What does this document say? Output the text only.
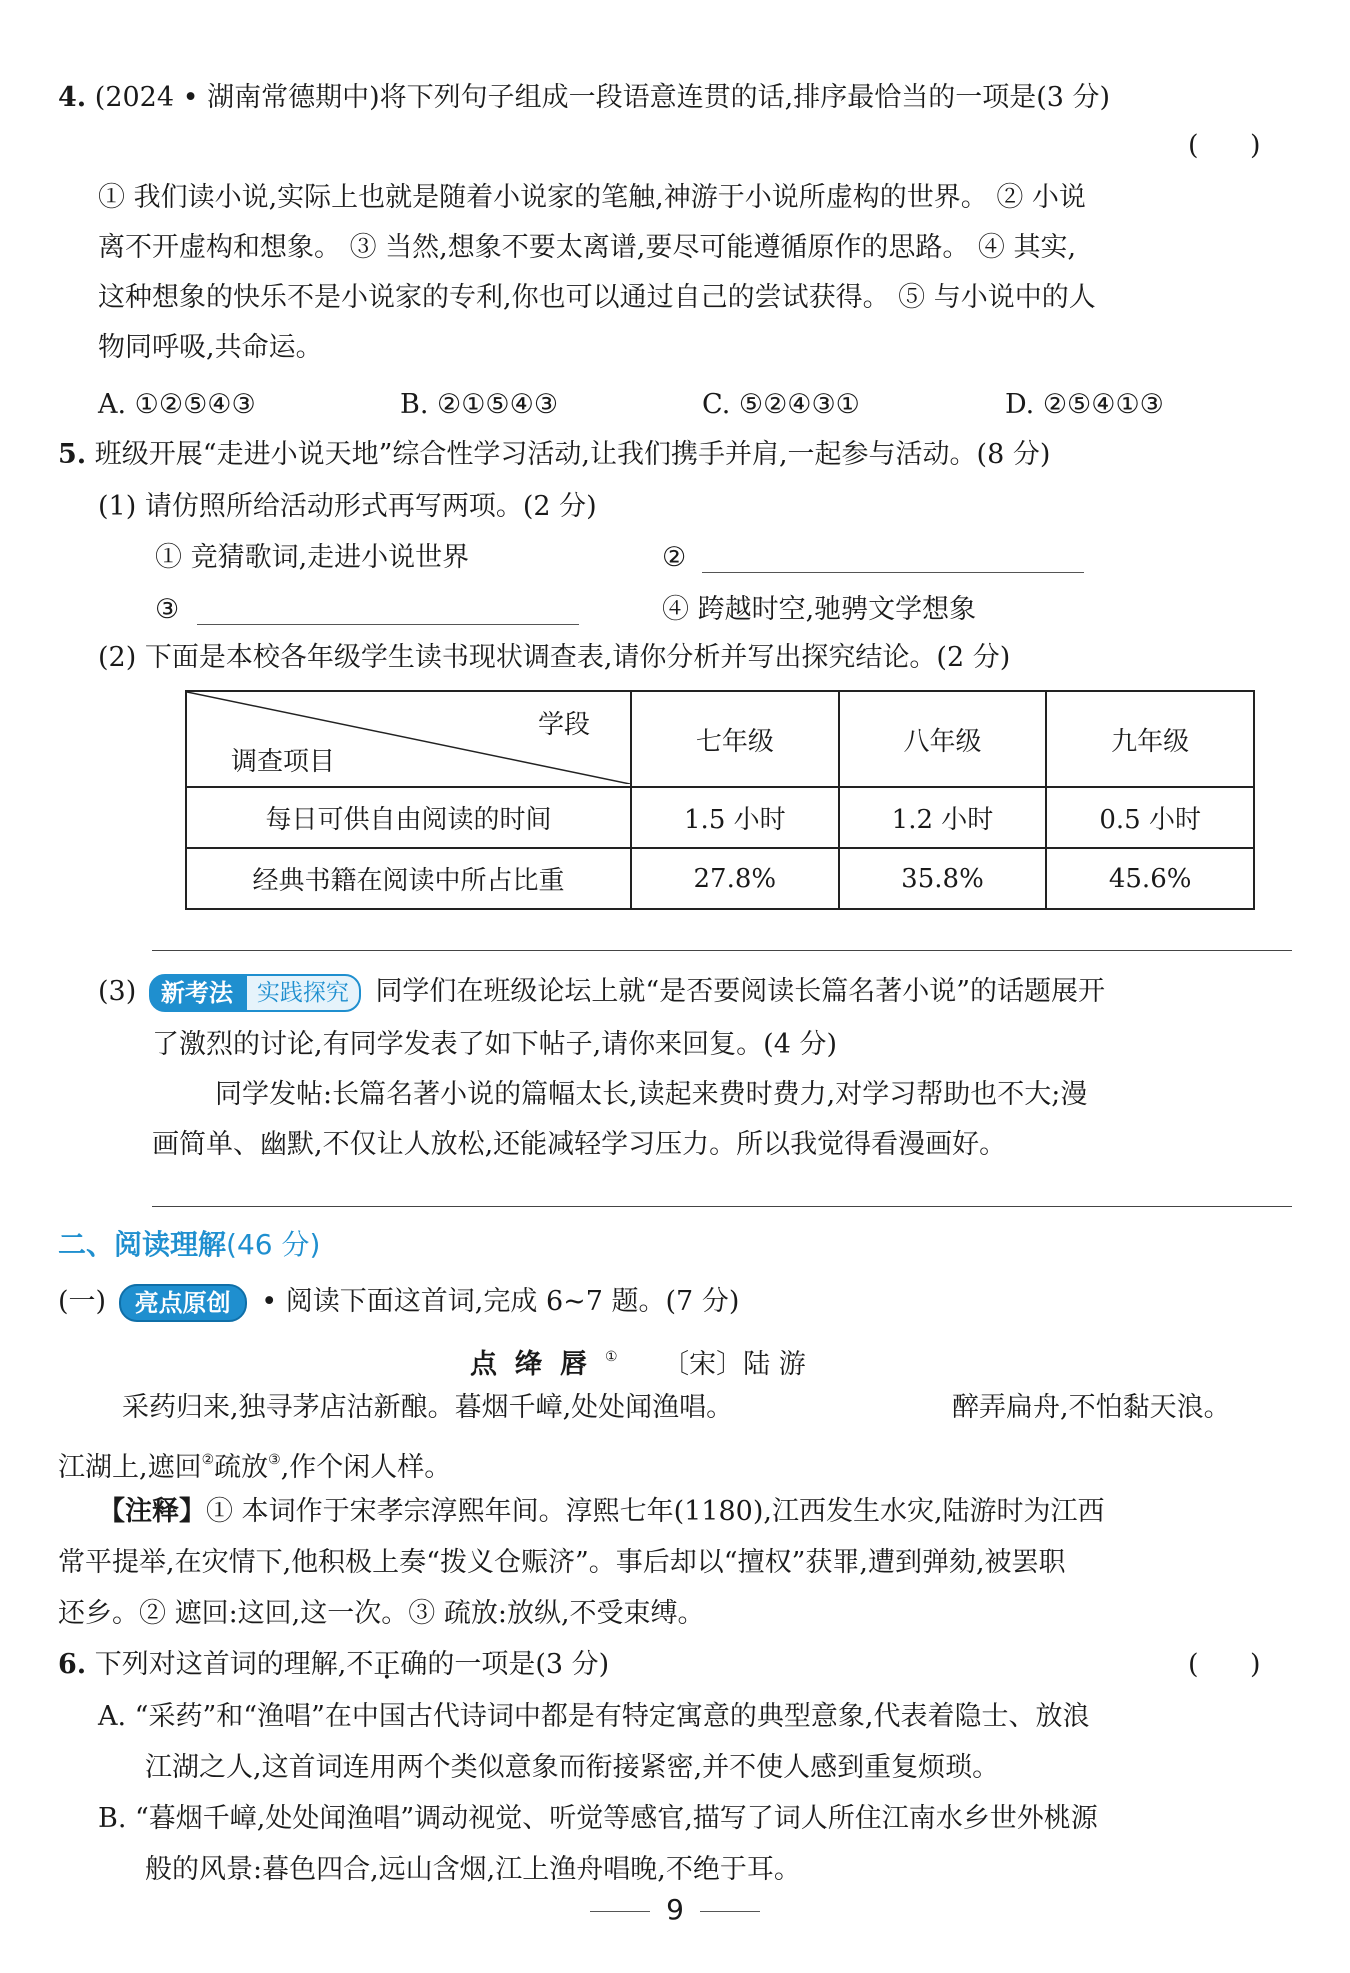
4. (2024 • 湖南常德期中)将下列句子组成一段语意连贯的话,排序最恰当的一项是(3 分)
(      )
① 我们读小说,实际上也就是随着小说家的笔触,神游于小说所虚构的世界。 ② 小说
离不开虚构和想象。 ③ 当然,想象不要太离谱,要尽可能遵循原作的思路。 ④ 其实,
这种想象的快乐不是小说家的专利,你也可以通过自己的尝试获得。 ⑤ 与小说中的人
物同呼吸,共命运。
A. ①②⑤④③	B. ②①⑤④③	C. ⑤②④③①	D. ②⑤④①③
5. 班级开展“走进小说天地”综合性学习活动,让我们携手并肩,一起参与活动。(8 分)
(1) 请仿照所给活动形式再写两项。(2 分)
① 竞猜歌词,走进小说世界	②
③	④ 跨越时空,驰骋文学想象
(2) 下面是本校各年级学生读书现状调查表,请你分析并写出探究结论。(2 分)
学段
调查项目	七年级	八年级	九年级
每日可供自由阅读的时间	1.5 小时	1.2 小时	0.5 小时
经典书籍在阅读中所占比重	27.8%	35.8%	45.6%
(3)	新考法	实践探究 同学们在班级论坛上就“是否要阅读长篇名著小说”的话题展开
了激烈的讨论,有同学发表了如下帖子,请你来回复。(4 分)
同学发帖:长篇名著小说的篇幅太长,读起来费时费力,对学习帮助也不大;漫
画简单、幽默,不仅让人放松,还能减轻学习压力。所以我觉得看漫画好。
二、阅读理解(46 分)
(一)	亮点原创	• 阅读下面这首词,完成 6~7 题。(7 分)
点绛唇① 〔宋〕陆 游
采药归来,独寻茅店沽新酿。暮烟千嶂,处处闻渔唱。	醉弄扁舟,不怕黏天浪。
江湖上,遮回②疏放③,作个闲人样。
【注释】① 本词作于宋孝宗淳熙年间。淳熙七年(1180),江西发生水灾,陆游时为江西
常平提举,在灾情下,他积极上奏“拨义仓赈济”。事后却以“擅权”获罪,遭到弹劾,被罢职
还乡。② 遮回:这回,这一次。③ 疏放:放纵,不受束缚。
6. 下列对这首词的理解,不正确的一项是(3 分)	(      )
A. “采药”和“渔唱”在中国古代诗词中都是有特定寓意的典型意象,代表着隐士、放浪
江湖之人,这首词连用两个类似意象而衔接紧密,并不使人感到重复烦琐。
B. “暮烟千嶂,处处闻渔唱”调动视觉、听觉等感官,描写了词人所住江南水乡世外桃源
般的风景:暮色四合,远山含烟,江上渔舟唱晚,不绝于耳。
9
